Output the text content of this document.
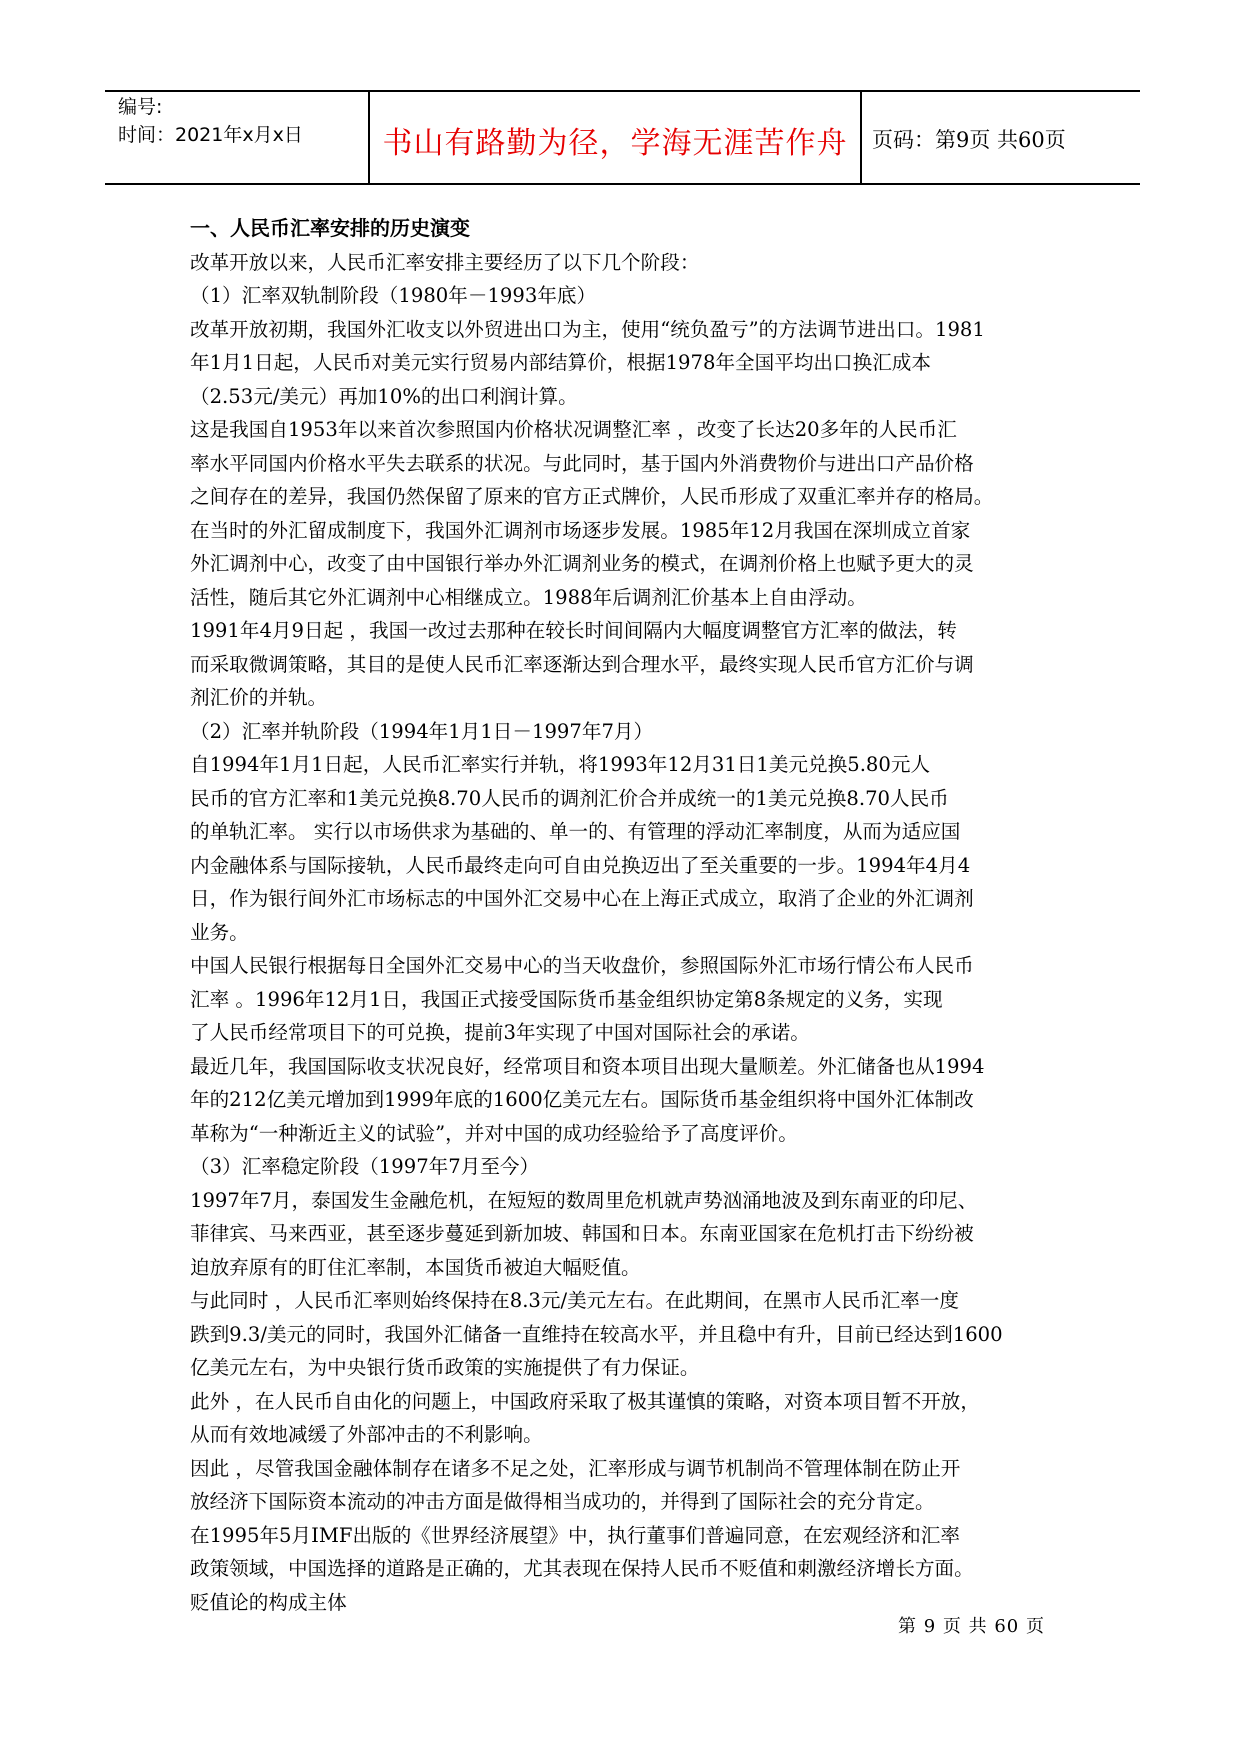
编号:
时间：2021年x月x日	书山有路勤为径，学海无涯苦作舟	页码：第9页 共60页
一、人民币汇率安排的历史演变

改革开放以来，人民币汇率安排主要经历了以下几个阶段：

（1）汇率双轨制阶段（1980年－1993年底）

改革开放初期，我国外汇收支以外贸进出口为主，使用“统负盈亏”的方法调节进出口。1981
年1月1日起，人民币对美元实行贸易内部结算价，根据1978年全国平均出口换汇成本
（2.53元/美元）再加10%的出口利润计算。

这是我国自1953年以来首次参照国内价格状况调整汇率 ，改变了长达20多年的人民币汇
率水平同国内价格水平失去联系的状况。与此同时，基于国内外消费物价与进出口产品价格
之间存在的差异，我国仍然保留了原来的官方正式牌价，人民币形成了双重汇率并存的格局。
在当时的外汇留成制度下，我国外汇调剂市场逐步发展。1985年12月我国在深圳成立首家
外汇调剂中心，改变了由中国银行举办外汇调剂业务的模式，在调剂价格上也赋予更大的灵
活性，随后其它外汇调剂中心相继成立。1988年后调剂汇价基本上自由浮动。

1991年4月9日起 ，我国一改过去那种在较长时间间隔内大幅度调整官方汇率的做法，转
而采取微调策略，其目的是使人民币汇率逐渐达到合理水平，最终实现人民币官方汇价与调
剂汇价的并轨。

（2）汇率并轨阶段（1994年1月1日－1997年7月）

自1994年1月1日起，人民币汇率实行并轨，将1993年12月31日1美元兑换5.80元人
民币的官方汇率和1美元兑换8.70人民币的调剂汇价合并成统一的1美元兑换8.70人民币
的单轨汇率。 实行以市场供求为基础的、单一的、有管理的浮动汇率制度，从而为适应国
内金融体系与国际接轨，人民币最终走向可自由兑换迈出了至关重要的一步。1994年4月4
日，作为银行间外汇市场标志的中国外汇交易中心在上海正式成立，取消了企业的外汇调剂
业务。

中国人民银行根据每日全国外汇交易中心的当天收盘价，参照国际外汇市场行情公布人民币
汇率 。1996年12月1日，我国正式接受国际货币基金组织协定第8条规定的义务，实现
了人民币经常项目下的可兑换，提前3年实现了中国对国际社会的承诺。

最近几年，我国国际收支状况良好，经常项目和资本项目出现大量顺差。外汇储备也从1994
年的212亿美元增加到1999年底的1600亿美元左右。国际货币基金组织将中国外汇体制改
革称为“一种渐近主义的试验”，并对中国的成功经验给予了高度评价。

（3）汇率稳定阶段（1997年7月至今）

1997年7月，泰国发生金融危机，在短短的数周里危机就声势汹涌地波及到东南亚的印尼、
菲律宾、马来西亚，甚至逐步蔓延到新加坡、韩国和日本。东南亚国家在危机打击下纷纷被
迫放弃原有的盯住汇率制，本国货币被迫大幅贬值。

与此同时 ，人民币汇率则始终保持在8.3元/美元左右。在此期间，在黑市人民币汇率一度
跌到9.3/美元的同时，我国外汇储备一直维持在较高水平，并且稳中有升，目前已经达到1600
亿美元左右，为中央银行货币政策的实施提供了有力保证。

此外 ，在人民币自由化的问题上，中国政府采取了极其谨慎的策略，对资本项目暂不开放，
从而有效地减缓了外部冲击的不利影响。

因此 ，尽管我国金融体制存在诸多不足之处，汇率形成与调节机制尚不管理体制在防止开
放经济下国际资本流动的冲击方面是做得相当成功的，并得到了国际社会的充分肯定。

在1995年5月IMF出版的《世界经济展望》中，执行董事们普遍同意，在宏观经济和汇率
政策领域，中国选择的道路是正确的，尤其表现在保持人民币不贬值和刺激经济增长方面。

贬值论的构成主体

第 9 页 共 60 页
